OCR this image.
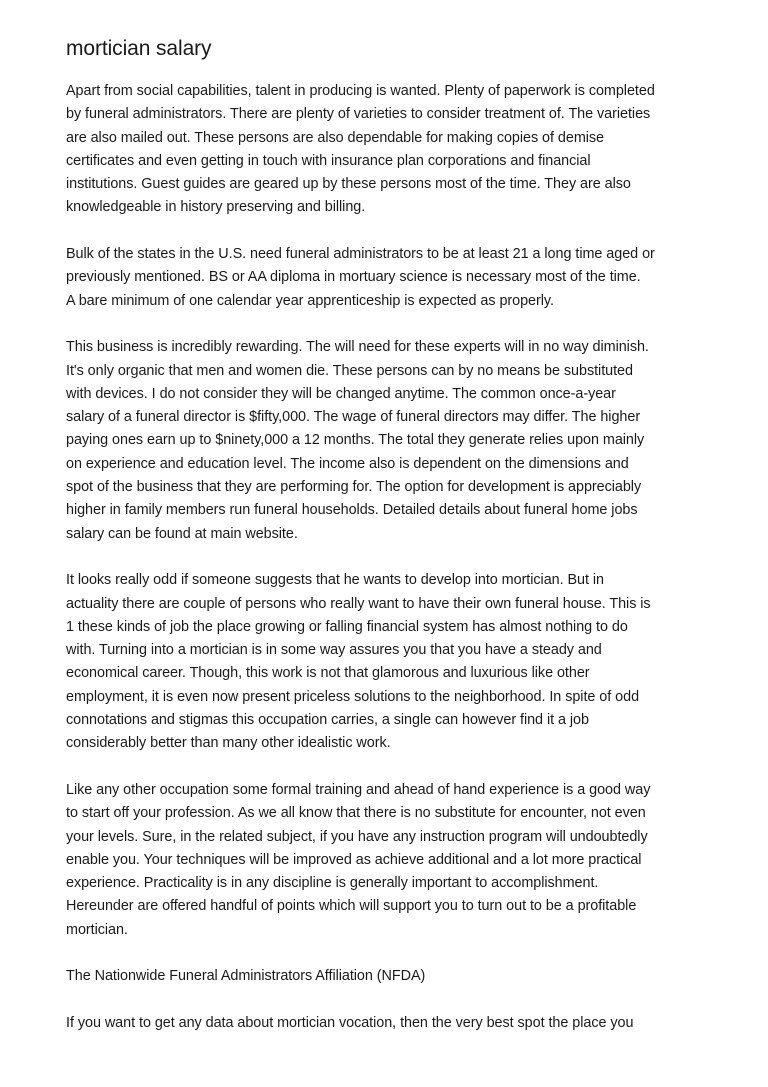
mortician salary
Apart from social capabilities, talent in producing is wanted. Plenty of paperwork is completed
by funeral administrators. There are plenty of varieties to consider treatment of. The varieties
are also mailed out. These persons are also dependable for making copies of demise
certificates and even getting in touch with insurance plan corporations and financial
institutions. Guest guides are geared up by these persons most of the time. They are also
knowledgeable in history preserving and billing.
Bulk of the states in the U.S. need funeral administrators to be at least 21 a long time aged or
previously mentioned. BS or AA diploma in mortuary science is necessary most of the time.
A bare minimum of one calendar year apprenticeship is expected as properly.
This business is incredibly rewarding. The will need for these experts will in no way diminish.
It's only organic that men and women die. These persons can by no means be substituted
with devices. I do not consider they will be changed anytime. The common once-a-year
salary of a funeral director is $fifty,000. The wage of funeral directors may differ. The higher
paying ones earn up to $ninety,000 a 12 months. The total they generate relies upon mainly
on experience and education level. The income also is dependent on the dimensions and
spot of the business that they are performing for. The option for development is appreciably
higher in family members run funeral households. Detailed details about funeral home jobs
salary can be found at main website.
It looks really odd if someone suggests that he wants to develop into mortician. But in
actuality there are couple of persons who really want to have their own funeral house. This is
1 these kinds of job the place growing or falling financial system has almost nothing to do
with. Turning into a mortician is in some way assures you that you have a steady and
economical career. Though, this work is not that glamorous and luxurious like other
employment, it is even now present priceless solutions to the neighborhood. In spite of odd
connotations and stigmas this occupation carries, a single can however find it a job
considerably better than many other idealistic work.
Like any other occupation some formal training and ahead of hand experience is a good way
to start off your profession. As we all know that there is no substitute for encounter, not even
your levels. Sure, in the related subject, if you have any instruction program will undoubtedly
enable you. Your techniques will be improved as achieve additional and a lot more practical
experience. Practicality is in any discipline is generally important to accomplishment.
Hereunder are offered handful of points which will support you to turn out to be a profitable
mortician.
The Nationwide Funeral Administrators Affiliation (NFDA)
If you want to get any data about mortician vocation, then the very best spot the place you
